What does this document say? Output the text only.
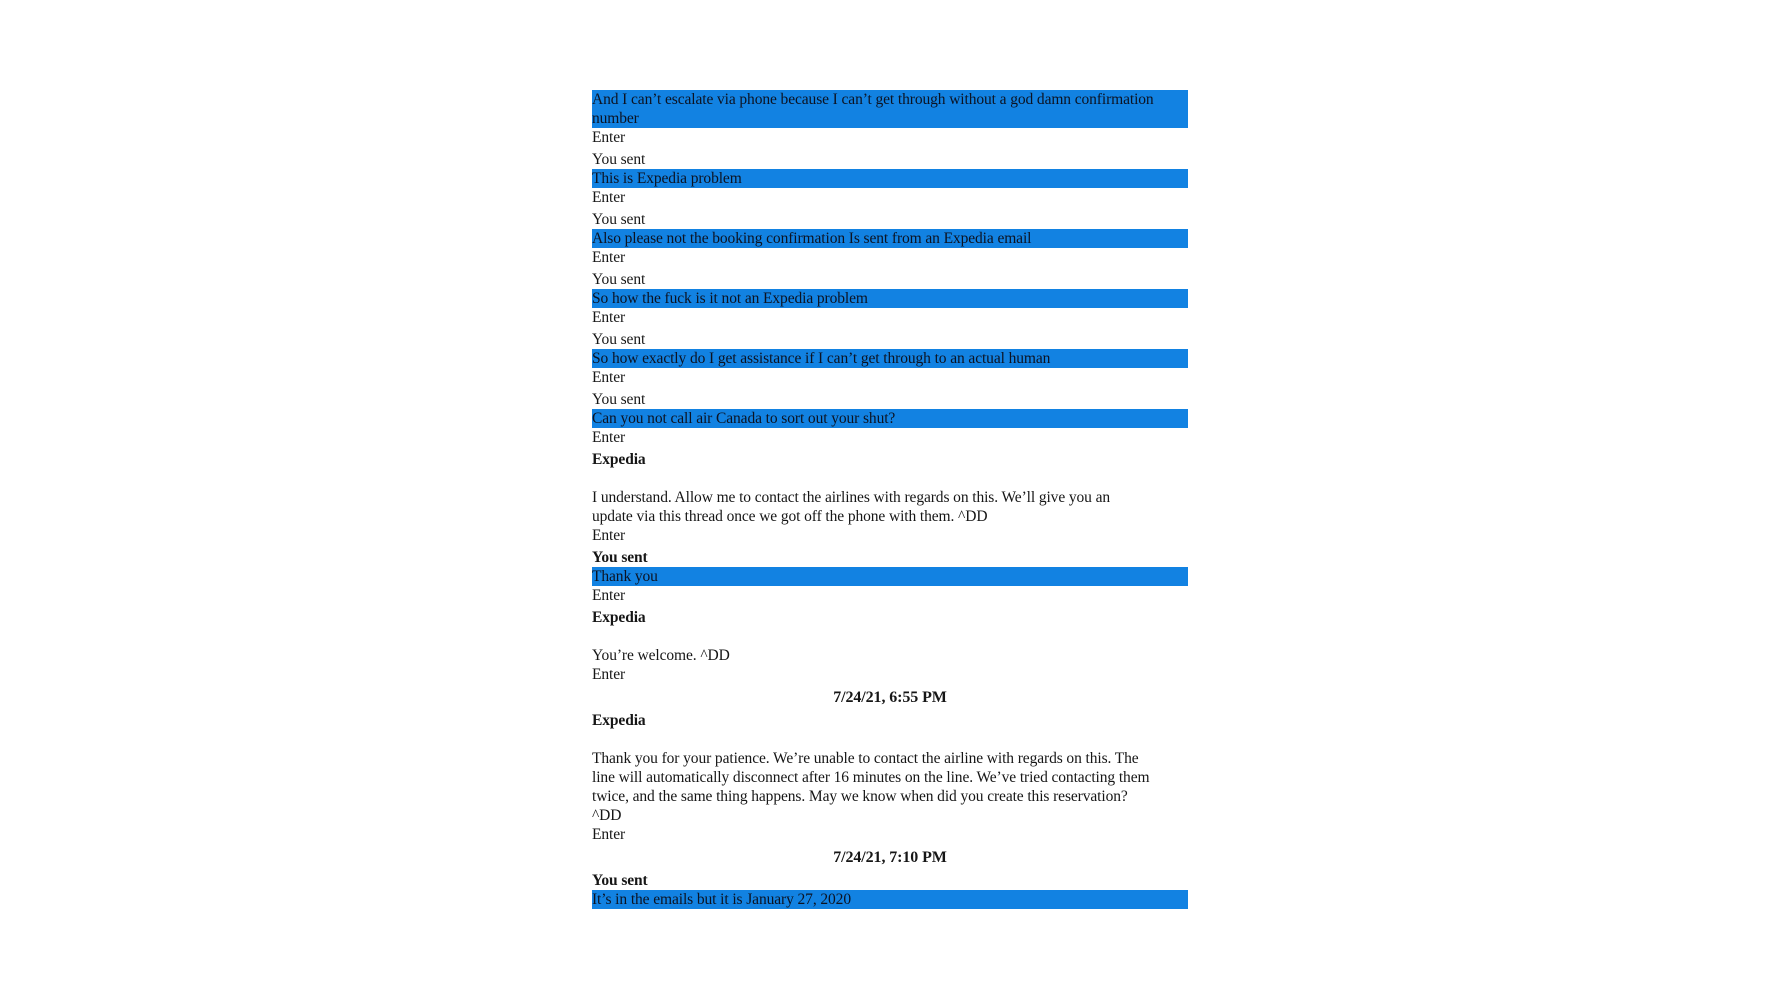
And I can’t escalate via phone because I can’t get through without a god damn confirmation
number
Enter
You sent
This is Expedia problem
Enter
You sent
Also please not the booking confirmation Is sent from an Expedia email
Enter
You sent
So how the fuck is it not an Expedia problem
Enter
You sent
So how exactly do I get assistance if I can’t get through to an actual human
Enter
You sent
Can you not call air Canada to sort out your shut?
Enter
Expedia

I understand. Allow me to contact the airlines with regards on this. We’ll give you an
update via this thread once we got off the phone with them. ^DD
Enter
You sent
Thank you
Enter
Expedia

You’re welcome. ^DD
Enter
7/24/21, 6:55 PM
Expedia

Thank you for your patience. We’re unable to contact the airline with regards on this. The
line will automatically disconnect after 16 minutes on the line. We’ve tried contacting them
twice, and the same thing happens. May we know when did you create this reservation?
^DD
Enter
7/24/21, 7:10 PM
You sent
It’s in the emails but it is January 27, 2020
